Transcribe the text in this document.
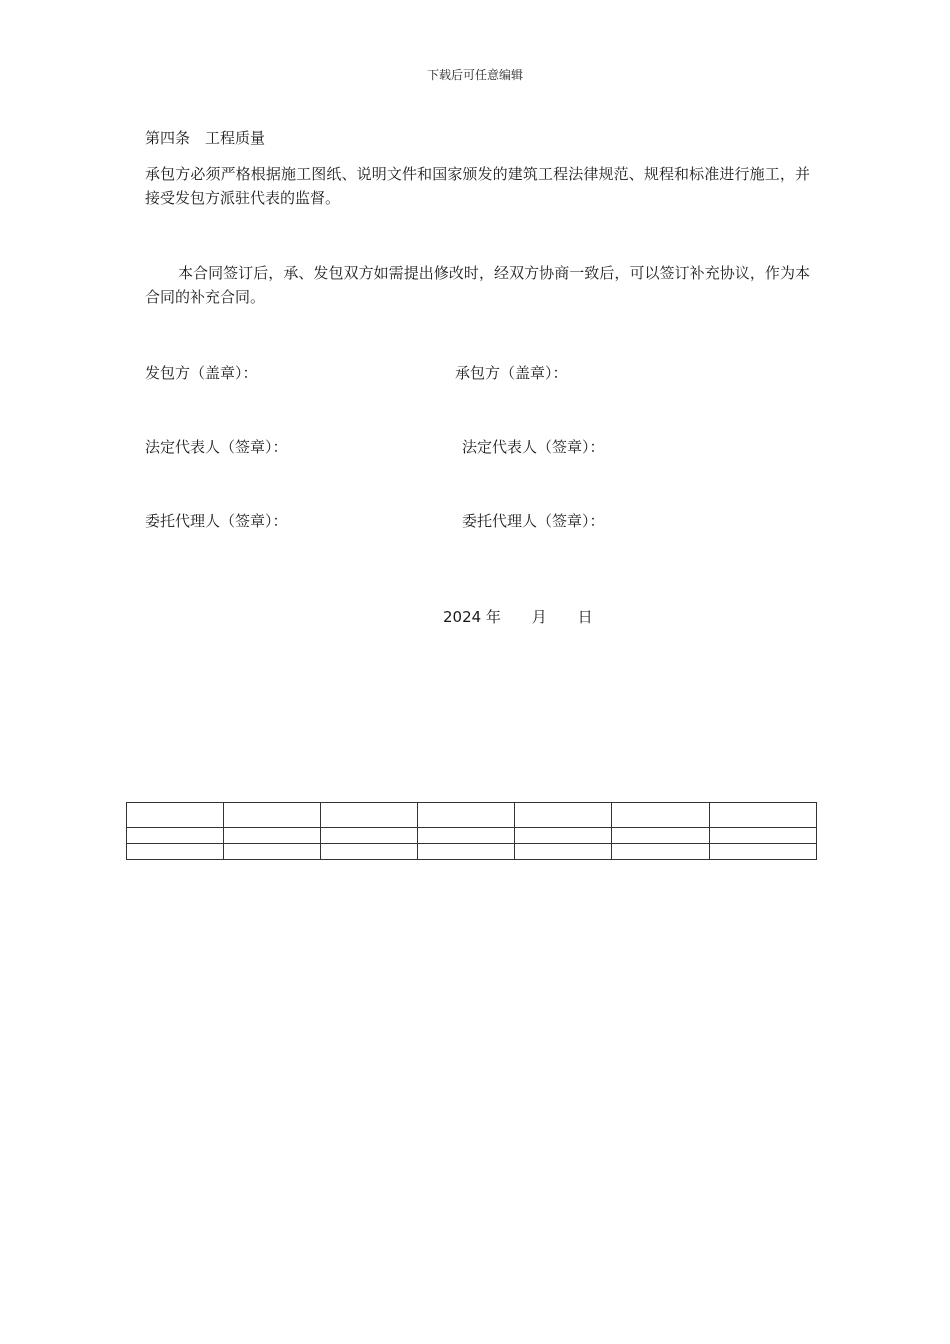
下载后可任意编辑
第四条　工程质量
承包方必须严格根据施工图纸、说明文件和国家颁发的建筑工程法律规范、规程和标准进行施工，并接受发包方派驻代表的监督。
本合同签订后，承、发包双方如需提出修改时，经双方协商一致后，可以签订补充协议，作为本合同的补充合同。
发包方（盖章）：	承包方（盖章）：
法定代表人（签章）：	法定代表人（签章）：
委托代理人（签章）：	委托代理人（签章）：
2024 年 月 日
